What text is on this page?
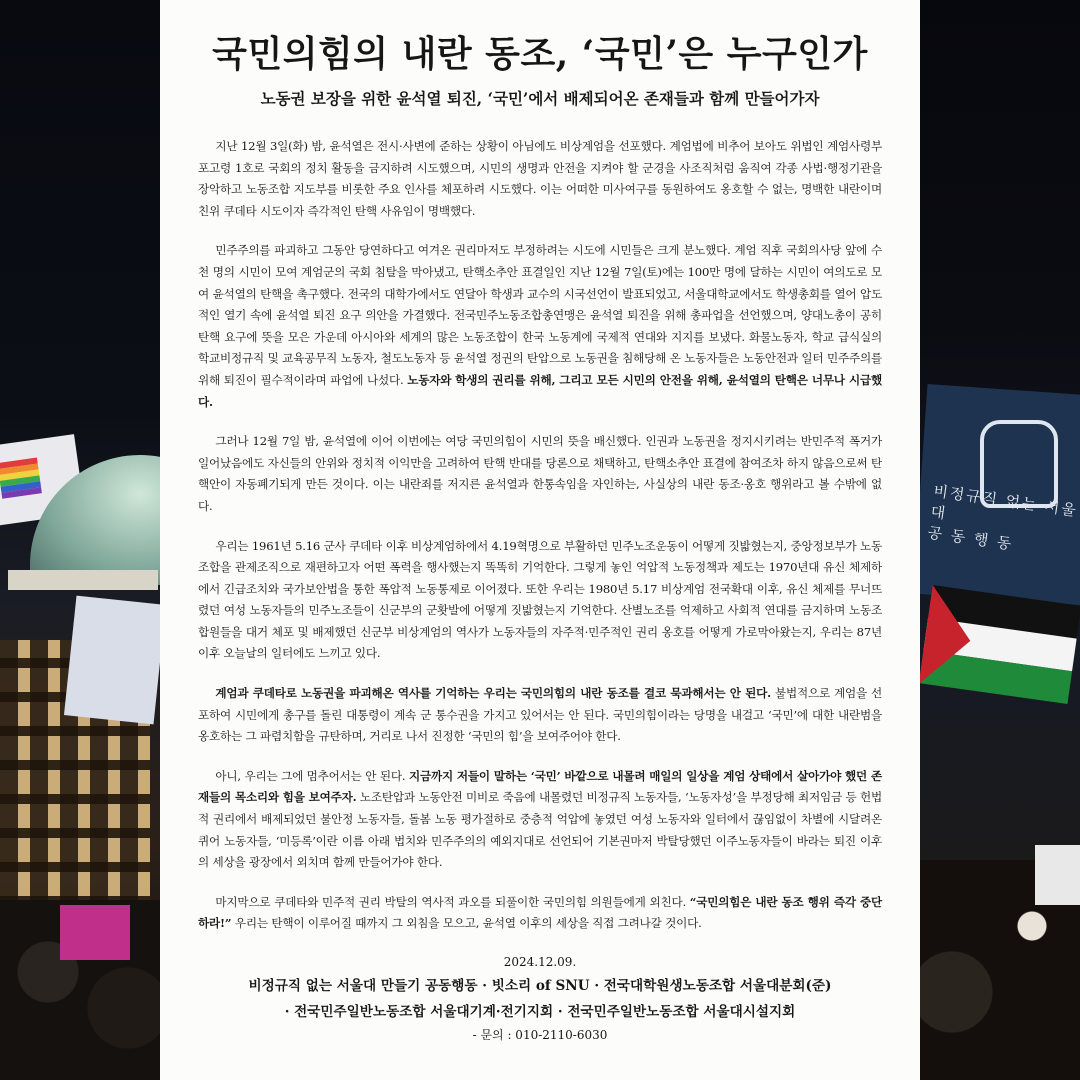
비정규직 없는 서울대
공 동 행 동
국민의힘의 내란 동조, ‘국민’은 누구인가
노동권 보장을 위한 윤석열 퇴진, ‘국민’에서 배제되어온 존재들과 함께 만들어가자

지난 12월 3일(화) 밤, 윤석열은 전시·사변에 준하는 상황이 아님에도 비상계엄을 선포했다. 계엄법에 비추어 보아도 위법인 계엄사령부 포고령 1호로 국회의 정치 활동을 금지하려 시도했으며, 시민의 생명과 안전을 지켜야 할 군경을 사조직처럼 움직여 각종 사법·행정기관을 장악하고 노동조합 지도부를 비롯한 주요 인사를 체포하려 시도했다. 이는 어떠한 미사여구를 동원하여도 옹호할 수 없는, 명백한 내란이며 친위 쿠데타 시도이자 즉각적인 탄핵 사유임이 명백했다.

민주주의를 파괴하고 그동안 당연하다고 여겨온 권리마저도 부정하려는 시도에 시민들은 크게 분노했다. 계엄 직후 국회의사당 앞에 수천 명의 시민이 모여 계엄군의 국회 침탈을 막아냈고, 탄핵소추안 표결일인 지난 12월 7일(토)에는 100만 명에 달하는 시민이 여의도로 모여 윤석열의 탄핵을 촉구했다. 전국의 대학가에서도 연달아 학생과 교수의 시국선언이 발표되었고, 서울대학교에서도 학생총회를 열어 압도적인 열기 속에 윤석열 퇴진 요구 의안을 가결했다. 전국민주노동조합총연맹은 윤석열 퇴진을 위해 총파업을 선언했으며, 양대노총이 공히 탄핵 요구에 뜻을 모은 가운데 아시아와 세계의 많은 노동조합이 한국 노동계에 국제적 연대와 지지를 보냈다. 화물노동자, 학교 급식실의 학교비정규직 및 교육공무직 노동자, 철도노동자 등 윤석열 정권의 탄압으로 노동권을 침해당해 온 노동자들은 노동안전과 일터 민주주의를 위해 퇴진이 필수적이라며 파업에 나섰다. 노동자와 학생의 권리를 위해, 그리고 모든 시민의 안전을 위해, 윤석열의 탄핵은 너무나 시급했다.

그러나 12월 7일 밤, 윤석열에 이어 이번에는 여당 국민의힘이 시민의 뜻을 배신했다. 인권과 노동권을 정지시키려는 반민주적 폭거가 일어났음에도 자신들의 안위와 정치적 이익만을 고려하여 탄핵 반대를 당론으로 채택하고, 탄핵소추안 표결에 참여조차 하지 않음으로써 탄핵안이 자동폐기되게 만든 것이다. 이는 내란죄를 저지른 윤석열과 한통속임을 자인하는, 사실상의 내란 동조·옹호 행위라고 볼 수밖에 없다.

우리는 1961년 5.16 군사 쿠데타 이후 비상계엄하에서 4.19혁명으로 부활하던 민주노조운동이 어떻게 짓밟혔는지, 중앙정보부가 노동조합을 관제조직으로 재편하고자 어떤 폭력을 행사했는지 똑똑히 기억한다. 그렇게 놓인 억압적 노동정책과 제도는 1970년대 유신 체제하에서 긴급조치와 국가보안법을 통한 폭압적 노동통제로 이어졌다. 또한 우리는 1980년 5.17 비상계엄 전국확대 이후, 유신 체제를 무너뜨렸던 여성 노동자들의 민주노조들이 신군부의 군홧발에 어떻게 짓밟혔는지 기억한다. 산별노조를 억제하고 사회적 연대를 금지하며 노동조합원들을 대거 체포 및 배제했던 신군부 비상계엄의 역사가 노동자들의 자주적·민주적인 권리 옹호를 어떻게 가로막아왔는지, 우리는 87년 이후 오늘날의 일터에도 느끼고 있다.

계엄과 쿠데타로 노동권을 파괴해온 역사를 기억하는 우리는 국민의힘의 내란 동조를 결코 묵과해서는 안 된다. 불법적으로 계엄을 선포하여 시민에게 총구를 돌린 대통령이 계속 군 통수권을 가지고 있어서는 안 된다. 국민의힘이라는 당명을 내걸고 ‘국민’에 대한 내란범을 옹호하는 그 파렴치함을 규탄하며, 거리로 나서 진정한 ‘국민의 힘’을 보여주어야 한다.

아니, 우리는 그에 멈추어서는 안 된다. 지금까지 저들이 말하는 ‘국민’ 바깥으로 내몰려 매일의 일상을 계엄 상태에서 살아가야 했던 존재들의 목소리와 힘을 보여주자. 노조탄압과 노동안전 미비로 죽음에 내몰렸던 비정규직 노동자들, ‘노동자성’을 부정당해 최저임금 등 헌법적 권리에서 배제되었던 불안정 노동자들, 돌봄 노동 평가절하로 중층적 억압에 놓였던 여성 노동자와 일터에서 끊임없이 차별에 시달려온 퀴어 노동자들, ‘미등록’이란 이름 아래 법치와 민주주의의 예외지대로 선언되어 기본권마저 박탈당했던 이주노동자들이 바라는 퇴진 이후의 세상을 광장에서 외치며 함께 만들어가야 한다.

마지막으로 쿠데타와 민주적 권리 박탈의 역사적 과오를 되풀이한 국민의힘 의원들에게 외친다. “국민의힘은 내란 동조 행위 즉각 중단하라!” 우리는 탄핵이 이루어질 때까지 그 외침을 모으고, 윤석열 이후의 세상을 직접 그려나갈 것이다.

2024.12.09.

비정규직 없는 서울대 만들기 공동행동 · 빗소리 of SNU · 전국대학원생노동조합 서울대분회(준)

· 전국민주일반노동조합 서울대기계·전기지회 · 전국민주일반노동조합 서울대시설지회

- 문의 : 010-2110-6030
